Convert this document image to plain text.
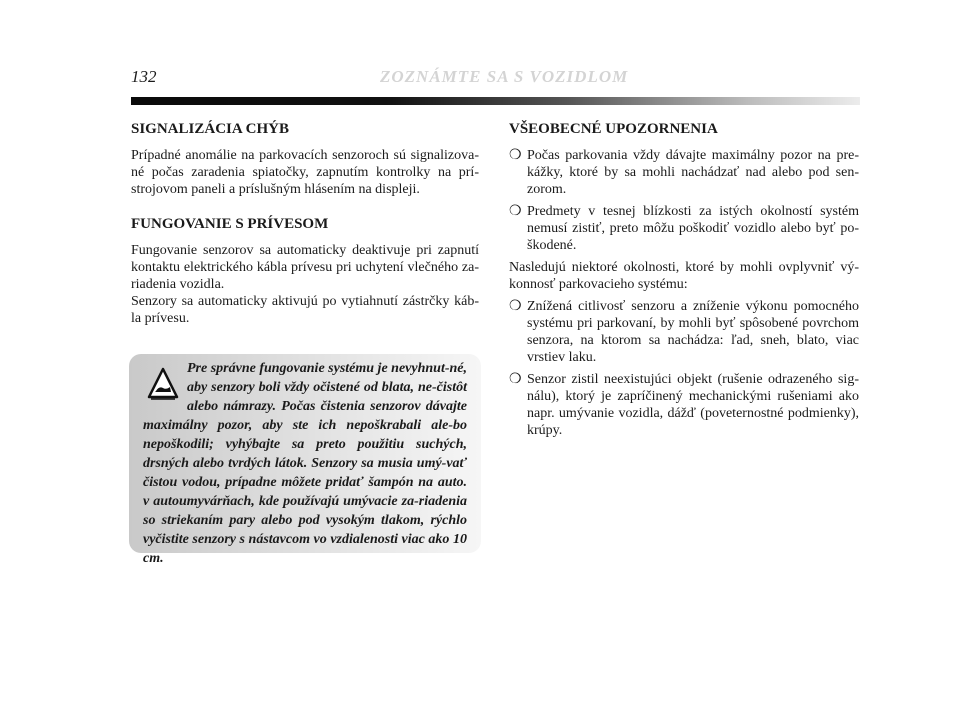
132	ZOZNÁMTE SA S VOZIDLOM
SIGNALIZÁCIA CHÝB

Prípadné anomálie na parkovacích senzoroch sú signalizova-né počas zaradenia spiatočky, zapnutím kontrolky na prí-strojovom paneli a príslušným hlásením na displeji.

FUNGOVANIE S PRÍVESOM

Fungovanie senzorov sa automaticky deaktivuje pri zapnutí kontaktu elektrického kábla prívesu pri uchytení vlečného za-riadenia vozidla.

Senzory sa automaticky aktivujú po vytiahnutí zástrčky káb-la prívesu.

Pre správne fungovanie systému je nevyhnut-né, aby senzory boli vždy očistené od blata, ne-čistôt alebo námrazy. Počas čistenia senzorov dávajte maximálny pozor, aby ste ich nepoškrabali ale-bo nepoškodili; vyhýbajte sa preto použitiu suchých, drsných alebo tvrdých látok. Senzory sa musia umý-vať čistou vodou, prípadne môžete pridať šampón na auto. v autoumyvárňach, kde používajú umývacie za-riadenia so striekaním pary alebo pod vysokým tlakom, rýchlo vyčistite senzory s nástavcom vo vzdialenosti viac ako 10 cm.
VŠEOBECNÉ UPOZORNENIA
❍ Počas parkovania vždy dávajte maximálny pozor na pre-kážky, ktoré by sa mohli nachádzať nad alebo pod sen-zorom.
❍ Predmety v tesnej blízkosti za istých okolností systém nemusí zistiť, preto môžu poškodiť vozidlo alebo byť po-škodené.

Nasledujú niektoré okolnosti, ktoré by mohli ovplyvniť vý-konnosť parkovacieho systému:

❍ Znížená citlivosť senzoru a zníženie výkonu pomocného systému pri parkovaní, by mohli byť spôsobené povrchom senzora, na ktorom sa nachádza: ľad, sneh, blato, viac vrstiev laku.
❍ Senzor zistil neexistujúci objekt (rušenie odrazeného sig-nálu), ktorý je zapríčinený mechanickými rušeniami ako napr. umývanie vozidla, dážď (poveternostné podmienky), krúpy.
